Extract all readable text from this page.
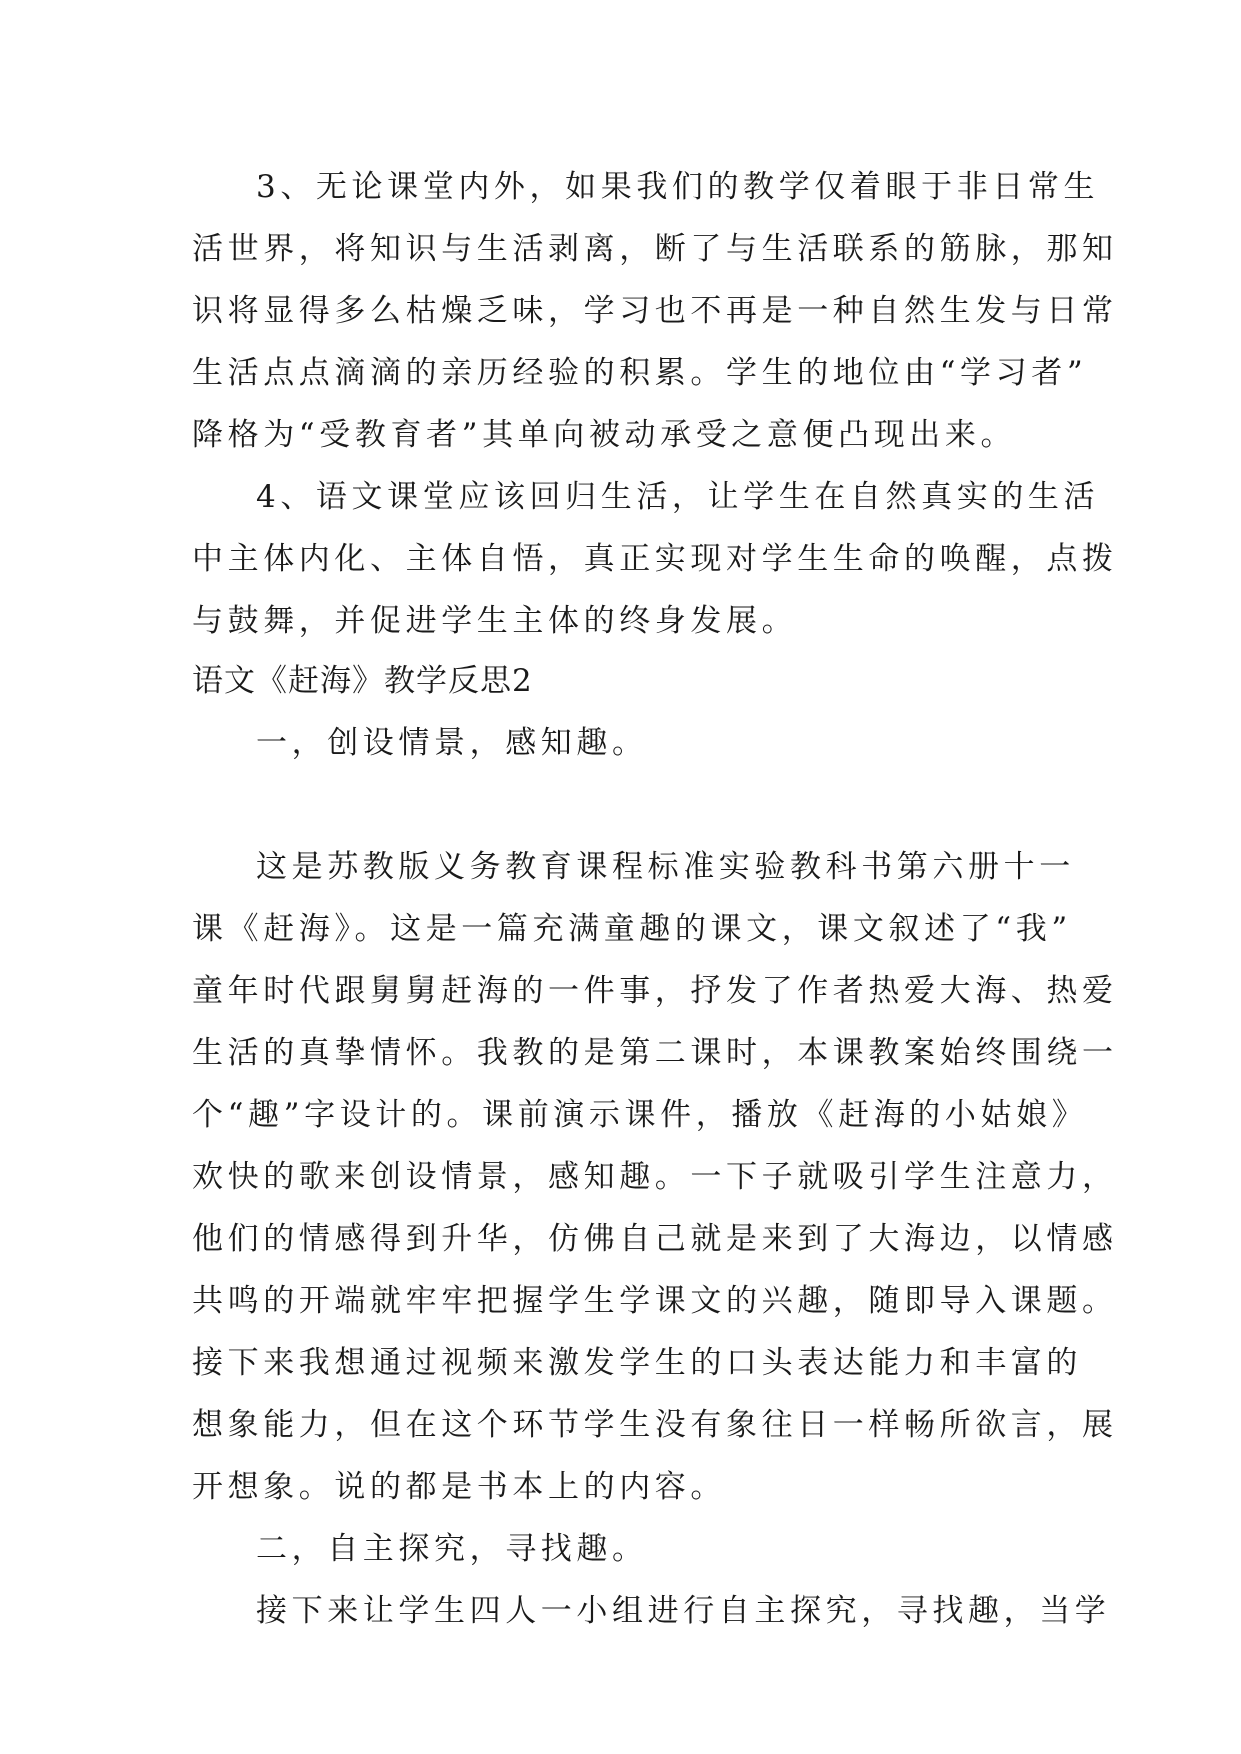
3、无论课堂内外，如果我们的教学仅着眼于非日常生
活世界，将知识与生活剥离，断了与生活联系的筋脉，那知
识将显得多么枯燥乏味，学习也不再是一种自然生发与日常
生活点点滴滴的亲历经验的积累。学生的地位由“学习者”
降格为“受教育者”其单向被动承受之意便凸现出来。
4、语文课堂应该回归生活，让学生在自然真实的生活
中主体内化、主体自悟，真正实现对学生生命的唤醒，点拨
与鼓舞，并促进学生主体的终身发展。
语文《赶海》教学反思2
一，创设情景，感知趣。
这是苏教版义务教育课程标准实验教科书第六册十一
课《赶海》。这是一篇充满童趣的课文，课文叙述了“我”
童年时代跟舅舅赶海的一件事，抒发了作者热爱大海、热爱
生活的真挚情怀。我教的是第二课时，本课教案始终围绕一
个“趣”字设计的。课前演示课件，播放《赶海的小姑娘》
欢快的歌来创设情景，感知趣。一下子就吸引学生注意力，
他们的情感得到升华，仿佛自己就是来到了大海边，以情感
共鸣的开端就牢牢把握学生学课文的兴趣，随即导入课题。
接下来我想通过视频来激发学生的口头表达能力和丰富的
想象能力，但在这个环节学生没有象往日一样畅所欲言，展
开想象。说的都是书本上的内容。
二，自主探究，寻找趣。
接下来让学生四人一小组进行自主探究，寻找趣，当学
